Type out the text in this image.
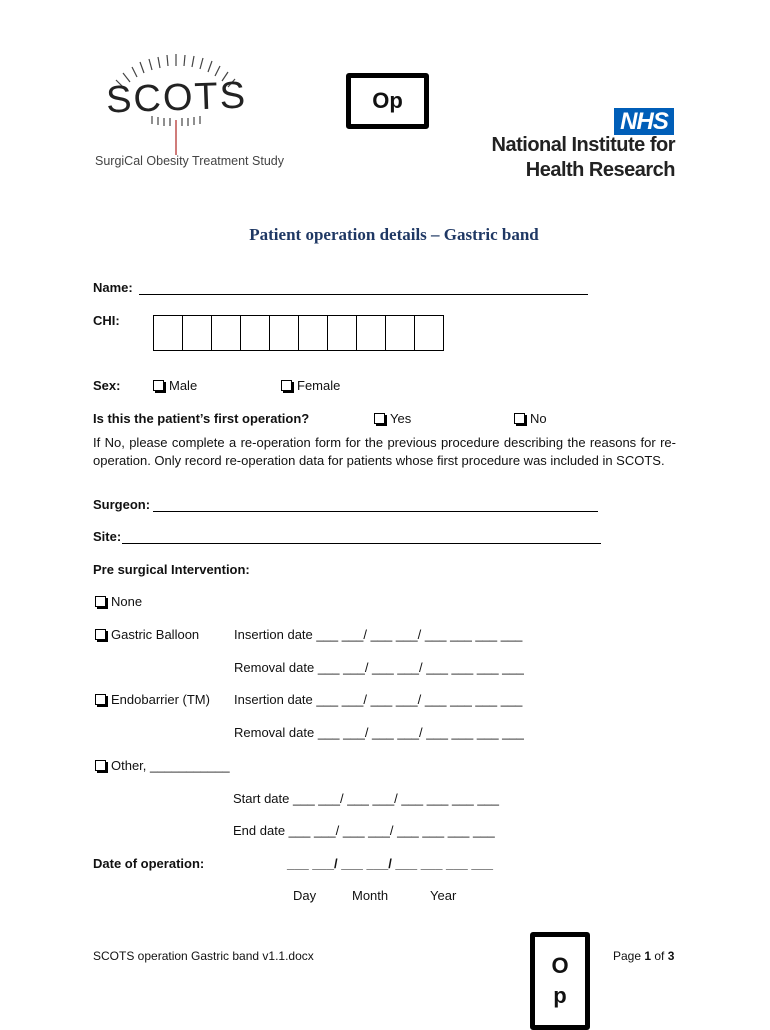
SCOTS
SurgiCal Obesity Treatment Study
Op
NHS
National Institute for
Health Research
Patient operation details – Gastric band
Name:
CHI:
Sex:	Male	Female
Is this the patient’s first operation?	Yes	No
If No, please complete a re-operation form for the previous procedure describing the reasons for re-operation. Only record re-operation data for patients whose first procedure was included in SCOTS.
Surgeon:
Site:
Pre surgical Intervention:
None
Gastric Balloon	Insertion date ___ ___/ ___ ___/ ___ ___ ___ ___
Removal date ___ ___/ ___ ___/ ___ ___ ___ ___
Endobarrier (TM) Insertion date ___ ___/ ___ ___/ ___ ___ ___ ___
Removal date ___ ___/ ___ ___/ ___ ___ ___ ___
Other, ___________
Start date ___ ___/ ___ ___/ ___ ___ ___ ___
End date ___ ___/ ___ ___/ ___ ___ ___ ___
Date of operation:	___ ___/ ___ ___/ ___ ___ ___ ___
Day	Month	Year
SCOTS operation Gastric band v1.1.docx	Op
Page 1 of 3
